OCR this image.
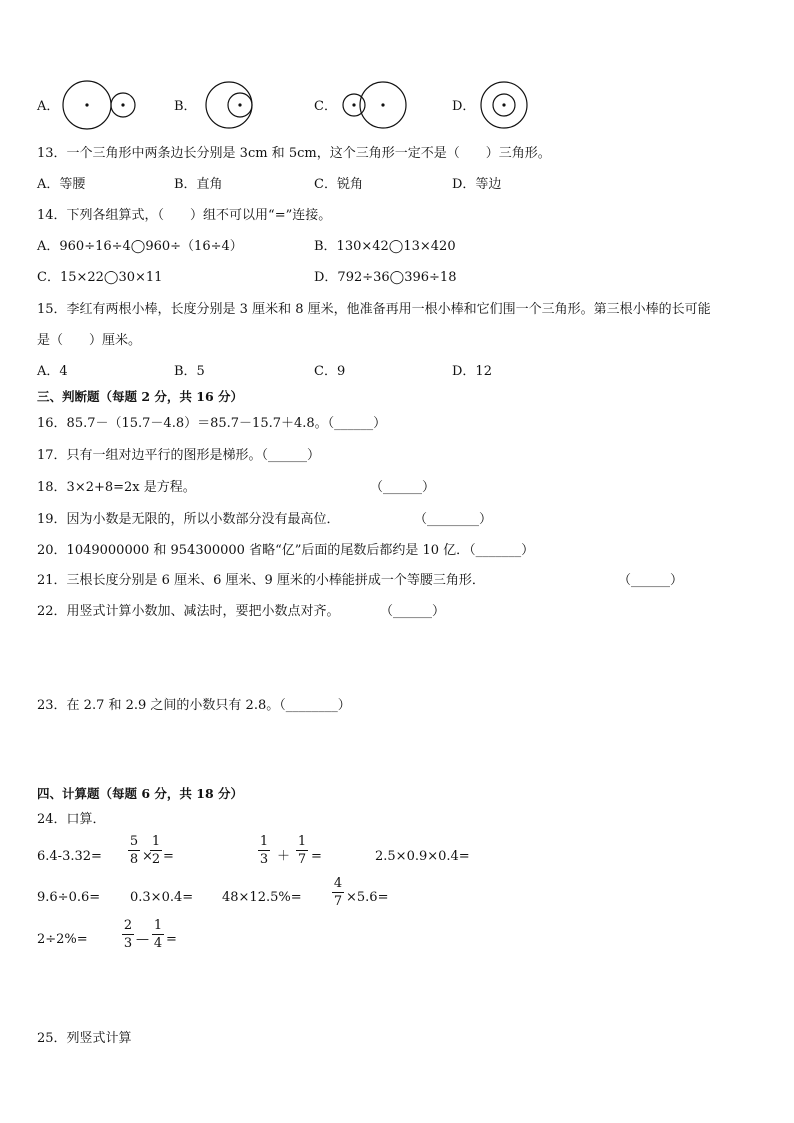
A．	B．	C．	D．
13．一个三角形中两条边长分别是 3cm 和 5cm，这个三角形一定不是（　　）三角形。
A．等腰	B．直角	C．锐角	D．等边
14．下列各组算式，（　　）组不可以用“=”连接。
A．960÷16÷4◯960÷（16÷4）	B．130×42◯13×420
C．15×22◯30×11	D．792÷36◯396÷18
15．李红有两根小棒，长度分别是 3 厘米和 8 厘米，他准备再用一根小棒和它们围一个三角形。第三根小棒的长可能
是（　　）厘米。
A．4	B．5	C．9	D．12
三、判断题（每题 2 分，共 16 分）
16．85.7－（15.7－4.8）＝85.7－15.7＋4.8。（______）
17．只有一组对边平行的图形是梯形。（______）
18．3×2+8=2x 是方程。	（______）
19．因为小数是无限的，所以小数部分没有最高位．	（________）
20．1049000000 和 954300000 省略“亿”后面的尾数后都约是 10 亿．（_______）
21．三根长度分别是 6 厘米、6 厘米、9 厘米的小棒能拼成一个等腰三角形．	（______）
22．用竖式计算小数加、减法时，要把小数点对齐。	（______）
23．在 2.7 和 2.9 之间的小数只有 2.8。（________）
四、计算题（每题 6 分，共 18 分）
24．口算．
6.4-3.32=
5
8 ×
1
2 =
1
3 ＋
1
7 =	2.5×0.9×0.4=
9.6÷0.6= 0.3×0.4= 48×12.5%=
4
7 ×5.6=
2÷2%=
2
3 —
1
4 =
25．列竖式计算
